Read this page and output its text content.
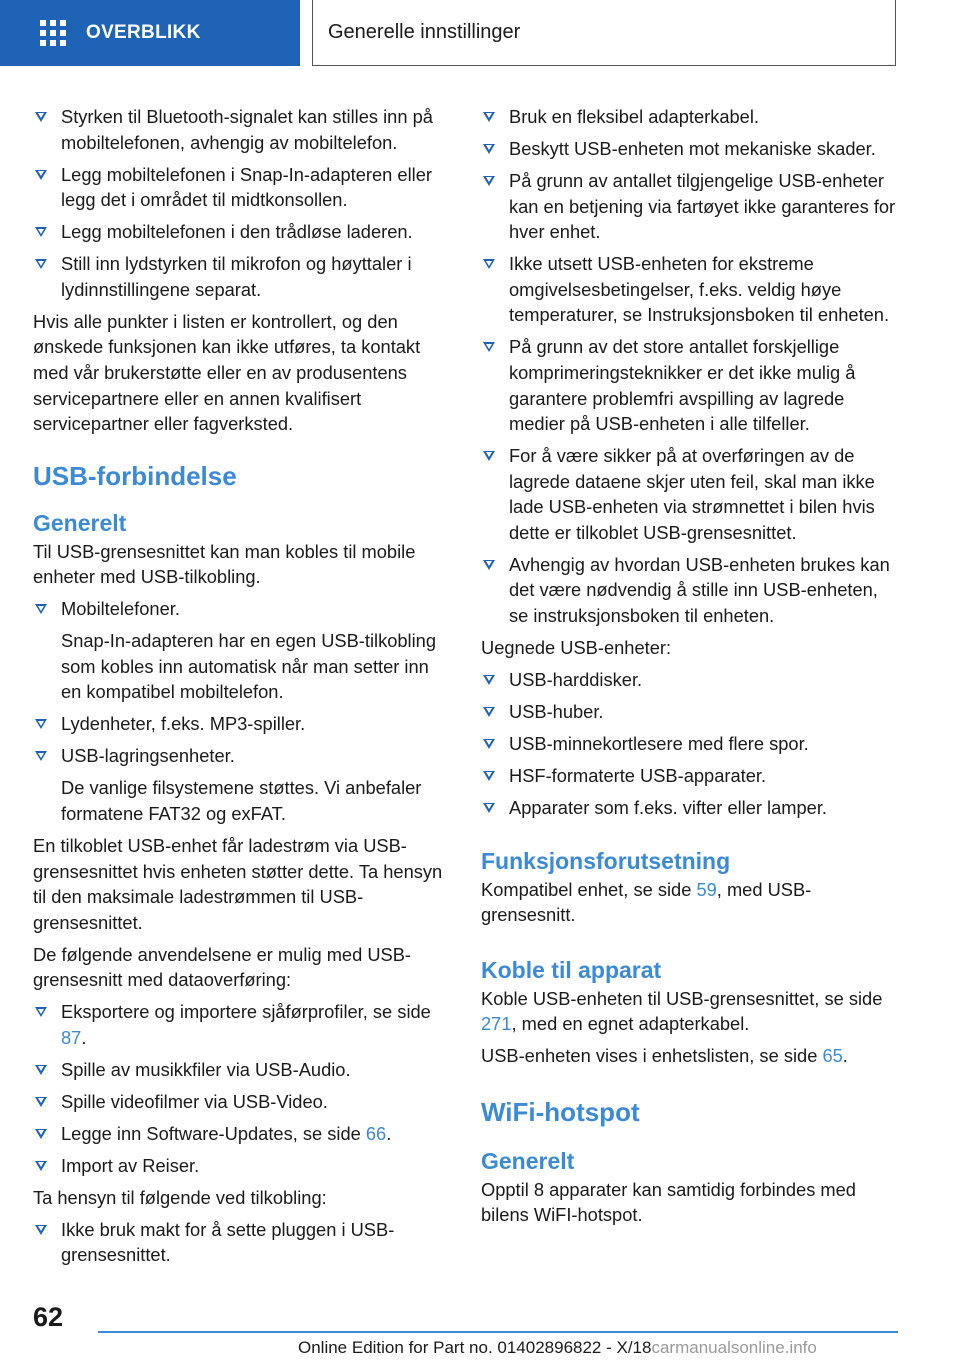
OVERBLIKK	Generelle innstillinger
Styrken til Bluetooth-signalet kan stilles inn på mobiltelefonen, avhengig av mobiltelefon.
Legg mobiltelefonen i Snap-In-adapteren eller legg det i området til midtkonsollen.
Legg mobiltelefonen i den trådløse laderen.
Still inn lydstyrken til mikrofon og høyttaler i lydinnstillingene separat.

Hvis alle punkter i listen er kontrollert, og den ønskede funksjonen kan ikke utføres, ta kontakt med vår brukerstøtte eller en av produsentens servicepartnere eller en annen kvalifisert servicepartner eller fagverksted.

USB-forbindelse
Generelt

Til USB-grensesnittet kan man kobles til mobile enheter med USB-tilkobling.

Mobiltelefoner.
Snap-In-adapteren har en egen USB-tilkobling som kobles inn automatisk når man setter inn en kompatibel mobiltelefon.
Lydenheter, f.eks. MP3-spiller.
USB-lagringsenheter.
De vanlige filsystemene støttes. Vi anbefaler formatene FAT32 og exFAT.

En tilkoblet USB-enhet får ladestrøm via USB-grensesnittet hvis enheten støtter dette. Ta hensyn til den maksimale ladestrømmen til USB-grensesnittet.

De følgende anvendelsene er mulig med USB-grensesnitt med dataoverføring:

Eksportere og importere sjåførprofiler, se side 87.
Spille av musikkfiler via USB-Audio.
Spille videofilmer via USB-Video.
Legge inn Software-Updates, se side 66.
Import av Reiser.

Ta hensyn til følgende ved tilkobling:

Ikke bruk makt for å sette pluggen i USB-grensesnittet.
Bruk en fleksibel adapterkabel.
Beskytt USB-enheten mot mekaniske skader.
På grunn av antallet tilgjengelige USB-enheter kan en betjening via fartøyet ikke garanteres for hver enhet.
Ikke utsett USB-enheten for ekstreme omgivelsesbetingelser, f.eks. veldig høye temperaturer, se Instruksjonsboken til enheten.
På grunn av det store antallet forskjellige komprimeringsteknikker er det ikke mulig å garantere problemfri avspilling av lagrede medier på USB-enheten i alle tilfeller.
For å være sikker på at overføringen av de lagrede dataene skjer uten feil, skal man ikke lade USB-enheten via strømnettet i bilen hvis dette er tilkoblet USB-grensesnittet.
Avhengig av hvordan USB-enheten brukes kan det være nødvendig å stille inn USB-enheten, se instruksjonsboken til enheten.

Uegnede USB-enheter:

USB-harddisker.
USB-huber.
USB-minnekortlesere med flere spor.
HSF-formaterte USB-apparater.
Apparater som f.eks. vifter eller lamper.
Funksjonsforutsetning

Kompatibel enhet, se side 59, med USB-grensesnitt.

Koble til apparat

Koble USB-enheten til USB-grensesnittet, se side 271, med en egnet adapterkabel.

USB-enheten vises i enhetslisten, se side 65.

WiFi-hotspot
Generelt

Opptil 8 apparater kan samtidig forbindes med bilens WiFI-hotspot.

62
Online Edition for Part no. 01402896822 - X/18carmanualsonline.info
